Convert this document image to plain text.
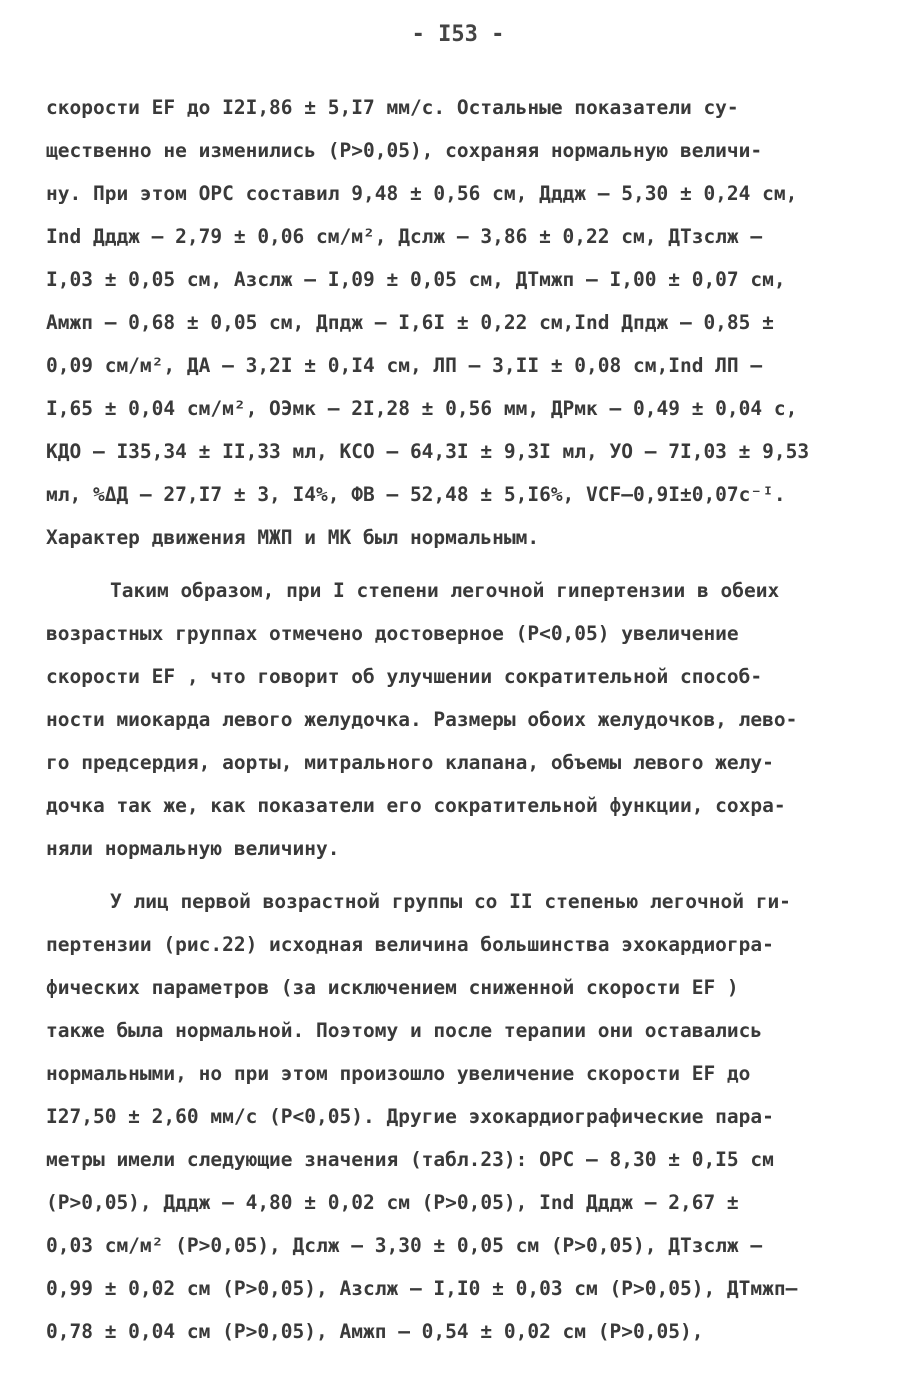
- I53 -
скорости EF до I2I,86 ± 5,I7 мм/с. Остальные показатели су-
щественно не изменились (P>0,05), сохраняя нормальную величи-
ну. При этом ОРС составил 9,48 ± 0,56 см, Дддж – 5,30 ± 0,24 см,
Ind Дддж – 2,79 ± 0,06 см/м², Дслж – 3,86 ± 0,22 см, ДТзслж –
I,03 ± 0,05 см, Азслж – I,09 ± 0,05 см, ДТмжп – I,00 ± 0,07 см,
Амжп – 0,68 ± 0,05 см, Дпдж – I,6I ± 0,22 см,Ind Дпдж – 0,85 ±
0,09 см/м², ДА – 3,2I ± 0,I4 см, ЛП – 3,II ± 0,08 см,Ind ЛП –
I,65 ± 0,04 см/м², ОЭмк – 2I,28 ± 0,56 мм, ДРмк – 0,49 ± 0,04 с,
КДО – I35,34 ± II,33 мл, КСО – 64,3I ± 9,3I мл, УО – 7I,03 ± 9,53
мл, %ΔД – 27,I7 ± 3, I4%, ФВ – 52,48 ± 5,I6%, VCF–0,9I±0,07с⁻ᴵ.
Характер движения МЖП и МК был нормальным.
Таким образом, при I степени легочной гипертензии в обеих
возрастных группах отмечено достоверное (P<0,05) увеличение
скорости EF , что говорит об улучшении сократительной способ-
ности миокарда левого желудочка. Размеры обоих желудочков, лево-
го предсердия, аорты, митрального клапана, объемы левого желу-
дочка так же, как показатели его сократительной функции, сохра-
няли нормальную величину.
У лиц первой возрастной группы со II степенью легочной ги-
пертензии (рис.22) исходная величина большинства эхокардиогра-
фических параметров (за исключением сниженной скорости EF )
также была нормальной. Поэтому и после терапии они оставались
нормальными, но при этом произошло увеличение скорости EF до
I27,50 ± 2,60 мм/с (P<0,05). Другие эхокардиографические пара-
метры имели следующие значения (табл.23): ОРС – 8,30 ± 0,I5 см
(P>0,05), Дддж – 4,80 ± 0,02 см (P>0,05), Ind Дддж – 2,67 ±
0,03 см/м² (P>0,05), Дслж – 3,30 ± 0,05 см (P>0,05), ДТзслж –
0,99 ± 0,02 см (P>0,05), Азслж – I,I0 ± 0,03 см (P>0,05), ДТмжп–
0,78 ± 0,04 см (P>0,05), Амжп – 0,54 ± 0,02 см (P>0,05),
